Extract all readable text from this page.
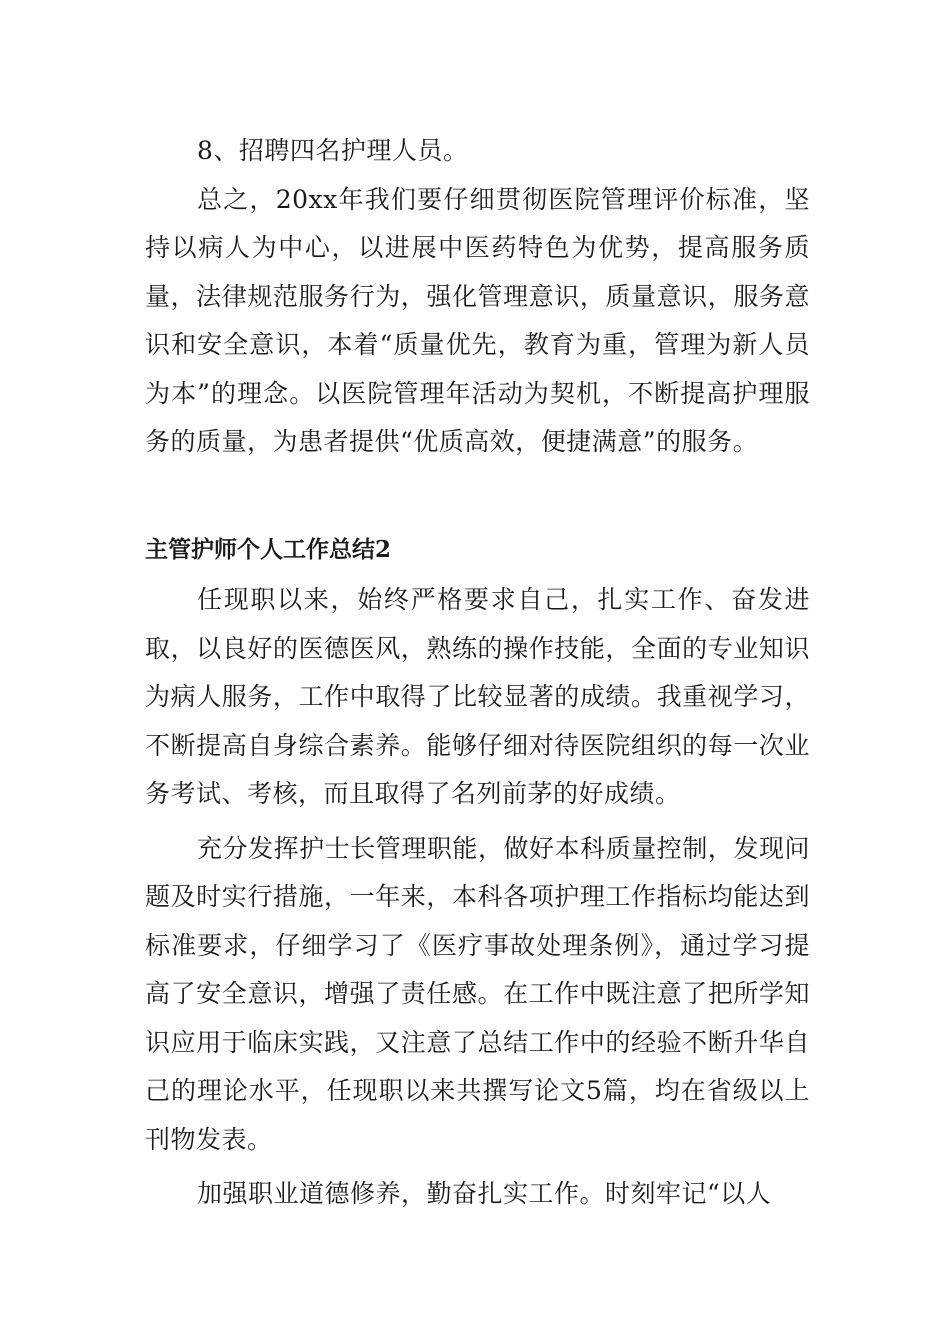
8、招聘四名护理人员。

总之，20xx年我们要仔细贯彻医院管理评价标准，坚持以病人为中心，以进展中医药特色为优势，提高服务质量，法律规范服务行为，强化管理意识，质量意识，服务意识和安全意识，本着“质量优先，教育为重，管理为新人员为本”的理念。以医院管理年活动为契机，不断提高护理服务的质量，为患者提供“优质高效，便捷满意”的服务。

主管护师个人工作总结2

任现职以来，始终严格要求自己，扎实工作、奋发进取，以良好的医德医风，熟练的操作技能，全面的专业知识为病人服务，工作中取得了比较显著的成绩。我重视学习，不断提高自身综合素养。能够仔细对待医院组织的每一次业务考试、考核，而且取得了名列前茅的好成绩。

充分发挥护士长管理职能，做好本科质量控制，发现问题及时实行措施，一年来，本科各项护理工作指标均能达到标准要求，仔细学习了《医疗事故处理条例》，通过学习提高了安全意识，增强了责任感。在工作中既注意了把所学知识应用于临床实践，又注意了总结工作中的经验不断升华自己的理论水平，任现职以来共撰写论文5篇，均在省级以上刊物发表。

加强职业道德修养，勤奋扎实工作。时刻牢记“以人
